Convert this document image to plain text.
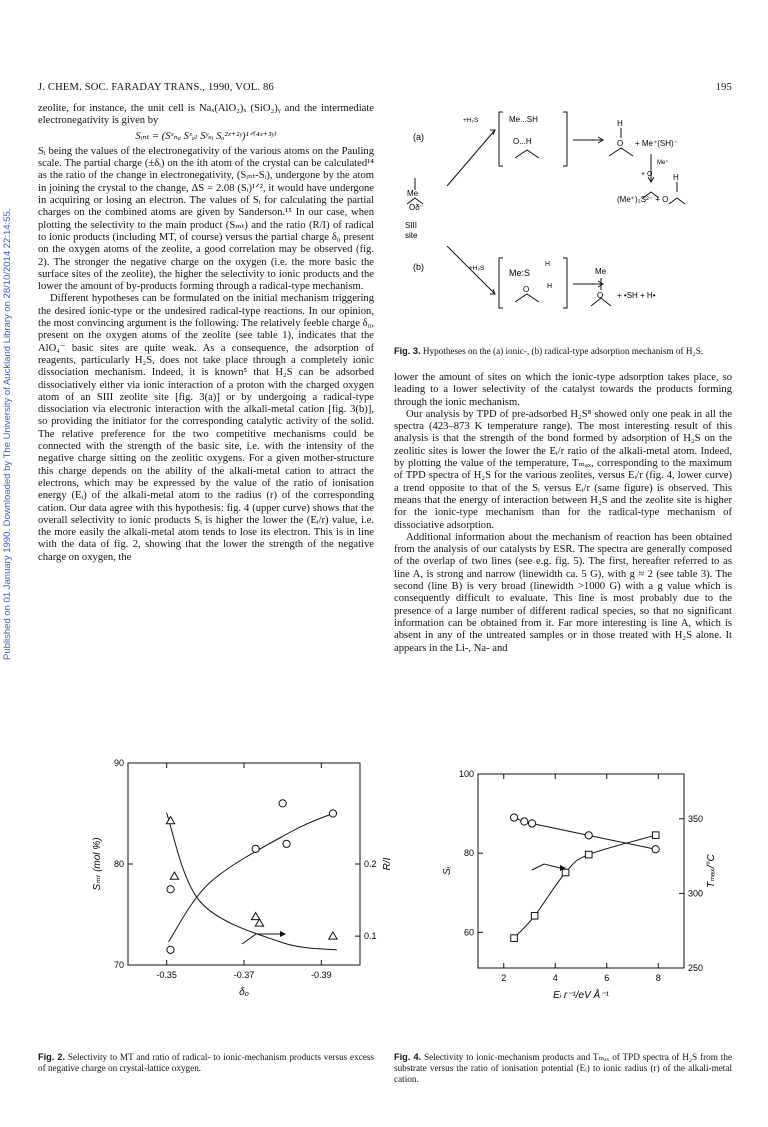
J. CHEM. SOC. FARADAY TRANS., 1990, VOL. 86	195
Published on 01 January 1990. Downloaded by The University of Auckland Library on 28/10/2014 22:14:55.

zeolite, for instance, the unit cell is Naₓ(AlO₂)ₓ (SiO₂)ᵧ and the intermediate electronegativity is given by

Sᵢₙₜ = (Sˣₙₐ Sˣₐₗ Sʸₛᵢ Sₒ²ˣ⁺²ʸ)¹ᐟ⁽⁴ˣ⁺³ʸ⁾

Sᵢ being the values of the electronegativity of the various atoms on the Pauling scale. The partial charge (±δᵢ) on the ith atom of the crystal can be calculated¹⁴ as the ratio of the change in electronegativity, (Sᵢₙₜ-Sᵢ), undergone by the atom in joining the crystal to the change, ΔS = 2.08 (Sᵢ)¹ᐟ², it would have undergone in acquiring or losing an electron. The values of Sᵢ for calculating the partial charges on the combined atoms are given by Sanderson.¹⁵ In our case, when plotting the selectivity to the main product (Sₘₜ) and the ratio (R/I) of radical to ionic products (including MT, of course) versus the partial charge δ₀ present on the oxygen atoms of the zeolite, a good correlation may be observed (fig. 2). The stronger the negative charge on the oxygen (i.e. the more basic the surface sites of the zeolite), the higher the selectivity to ionic products and the lower the amount of by-products forming through a radical-type mechanism.

Different hypotheses can be formulated on the initial mechanism triggering the desired ionic-type or the undesired radical-type reactions. In our opinion, the most convincing argument is the following. The relatively feeble charge δ₀, present on the oxygen atoms of the zeolite (see table 1), indicates that the AlO₄⁻ basic sites are quite weak. As a consequence, the adsorption of reagents, particularly H₂S, does not take place through a completely ionic dissociation mechanism. Indeed, it is known⁵ that H₂S can be adsorbed dissociatively either via ionic interaction of a proton with the charged oxygen atom of an SIII zeolite site [fig. 3(a)] or by undergoing a radical-type dissociation via electronic interaction with the alkali-metal cation [fig. 3(b)], so providing the initiator for the corresponding catalytic activity of the solid. The relative preference for the two competitive mechanisms could be connected with the strength of the basic site, i.e. with the intensity of the negative charge sitting on the zeolitic oxygens. For a given mother-structure this charge depends on the ability of the alkali-metal cation to attract the electrons, which may be expressed by the value of the ratio of ionisation energy (Eᵢ) of the alkali-metal atom to the radius (r) of the corresponding cation. Our data agree with this hypothesis: fig. 4 (upper curve) shows that the overall selectivity to ionic products Sᵢ is higher the lower the (Eᵢ/r) value, i.e. the more easily the alkali-metal atom tends to lose its electron. This is in line with the data of fig. 2, showing that the lower the strength of the negative charge on oxygen, the

(a)
(b)
+H₂S
+H₂S
Me...SH
O...H
H
O + Me⁺(SH)⁻
Me⁺
+ O
Me
Oδ⁻
SIII
site
H
(Me⁺)₂S²⁻ + O
Me:S
H
H
O
Me
O + •SH + H•
Fig. 3. Hypotheses on the (a) ionic-, (b) radical-type adsorption mechanism of H₂S.

lower the amount of sites on which the ionic-type adsorption takes place, so leading to a lower selectivity of the catalyst towards the products forming through the ionic mechanism.

Our analysis by TPD of pre-adsorbed H₂S⁸ showed only one peak in all the spectra (423–873 K temperature range). The most interesting result of this analysis is that the strength of the bond formed by adsorption of H₂S on the zeolitic sites is lower the lower the Eᵢ/r ratio of the alkali-metal atom. Indeed, by plotting the value of the temperature, Tₘₐₓ, corresponding to the maximum of TPD spectra of H₂S for the various zeolites, versus Eᵢ/r (fig. 4, lower curve) a trend opposite to that of the Sᵢ versus Eᵢ/r (same figure) is observed. This means that the energy of interaction between H₂S and the zeolite site is higher for the ionic-type mechanism than for the radical-type mechanism of dissociative adsorption.

Additional information about the mechanism of reaction has been obtained from the analysis of our catalysts by ESR. The spectra are generally composed of the overlap of two lines (see e.g. fig. 5). The first, hereafter referred to as line A, is strong and narrow (linewidth ca. 5 G), with g ≈ 2 (see table 3). The second (line B) is very broad (linewidth >1000 G) with a g value which is consequently difficult to evaluate. This line is most probably due to the presence of a large number of different radical species, so that no significant information can be obtained from it. Far more interesting is line A, which is absent in any of the untreated samples or in those treated with H₂S alone. It appears in the Li-, Na- and

-0.35	-0.37	-0.39
70
80
90
0.1
0.2
δ₀
Sₘₜ (mol %)	R/I
Fig. 2. Selectivity to MT and ratio of radical- to ionic-mechanism products versus excess of negative charge on crystal-lattice oxygen.
2	4	6	8
60
80
100
250
300
350
Eᵢ r⁻¹/eV Å⁻¹
Sᵢ	Tₘₐₓ/°C
Fig. 4. Selectivity to ionic-mechanism products and Tₘₐₓ of TPD spectra of H₂S from the substrate versus the ratio of ionisation potential (Eᵢ) to ionic radius (r) of the alkali-metal cation.
